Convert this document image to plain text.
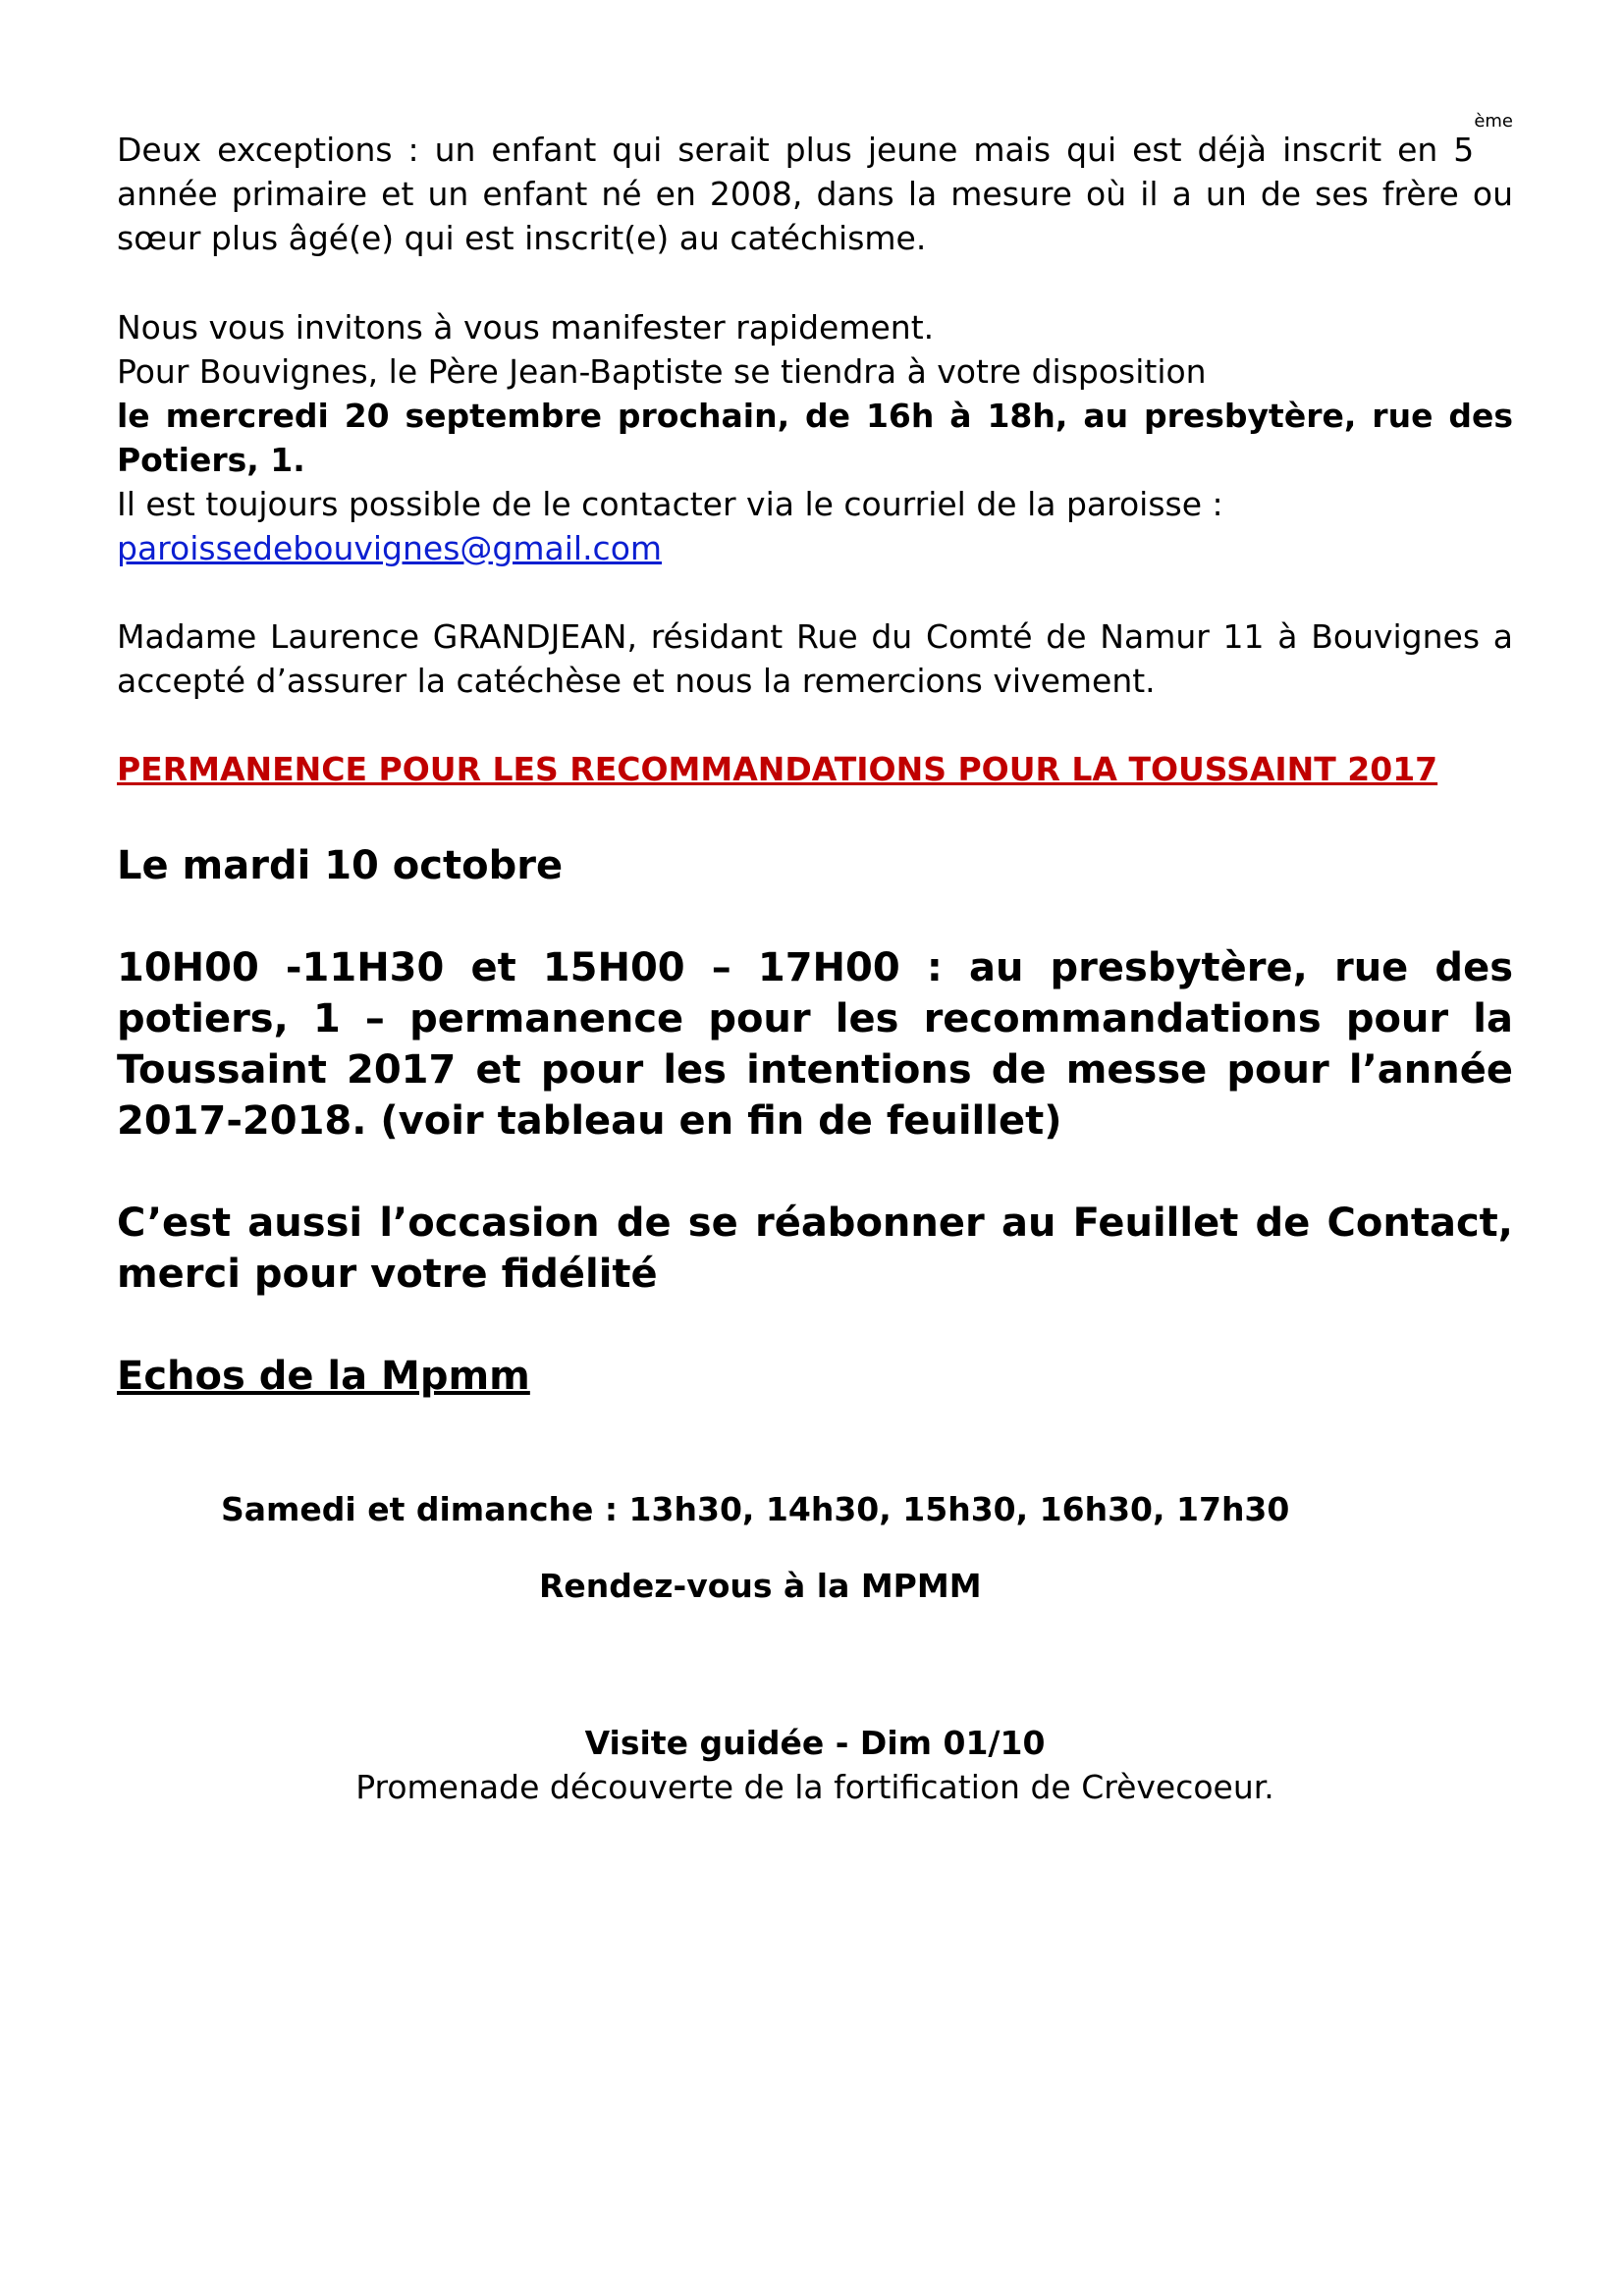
Deux exceptions : un enfant qui serait plus jeune mais qui est déjà inscrit en 5ème année primaire et un enfant né en 2008, dans la mesure où il a un de ses frère ou sœur plus âgé(e) qui est inscrit(e) au catéchisme.

Nous vous invitons à vous manifester rapidement.

Pour Bouvignes, le Père Jean-Baptiste se tiendra à votre disposition

le mercredi 20 septembre prochain, de 16h à 18h, au presbytère, rue des Potiers, 1.

Il est toujours possible de le contacter via le courriel de la paroisse :

paroissedebouvignes@gmail.com

Madame Laurence GRANDJEAN, résidant Rue du Comté de Namur 11 à Bouvignes a accepté d’assurer la catéchèse et nous la remercions vivement.

PERMANENCE POUR LES RECOMMANDATIONS POUR LA TOUSSAINT 2017

Le mardi 10 octobre

10H00 -11H30 et 15H00 – 17H00 : au presbytère, rue des potiers, 1 – permanence pour les recommandations pour la Toussaint 2017 et pour les intentions de messe pour l’année 2017-2018. (voir tableau en fin de feuillet)

C’est aussi l’occasion de se réabonner au Feuillet de Contact, merci pour votre fidélité

Echos de la Mpmm

Samedi et dimanche : 13h30, 14h30, 15h30, 16h30, 17h30

Rendez-vous à la MPMM

Visite guidée - Dim 01/10

Promenade découverte de la fortification de Crèvecoeur.
